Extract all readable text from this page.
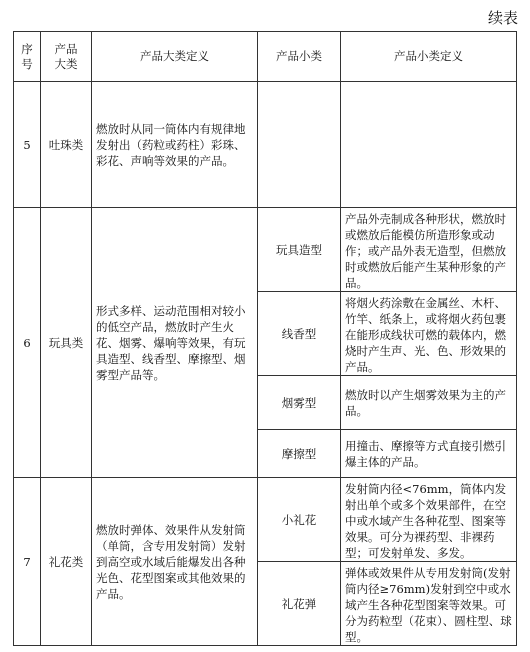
续表
序号	产品大类	产品大类定义	产品小类	产品小类定义
5	吐珠类	燃放时从同一筒体内有规律地发射出（药粒或药柱）彩珠、彩花、声响等效果的产品。		
6	玩具类	形式多样、运动范围相对较小的低空产品，燃放时产生火花、烟雾、爆响等效果，有玩具造型、线香型、摩擦型、烟雾型产品等。	玩具造型	产品外壳制成各种形状，燃放时或燃放后能模仿所造形象或动作；或产品外表无造型，但燃放时或燃放后能产生某种形象的产品。
			线香型	将烟火药涂敷在金属丝、木杆、竹竿、纸条上，或将烟火药包裹在能形成线状可燃的载体内，燃烧时产生声、光、色、形效果的产品。
			烟雾型	燃放时以产生烟雾效果为主的产品。
			摩擦型	用撞击、摩擦等方式直接引燃引爆主体的产品。
7	礼花类	燃放时弹体、效果件从发射筒（单筒，含专用发射筒）发射到高空或水域后能爆发出各种光色、花型图案或其他效果的产品。	小礼花	发射筒内径<76mm，筒体内发射出单个或多个效果部件，在空中或水域产生各种花型、图案等效果。可分为裸药型、非裸药型；可发射单发、多发。
			礼花弹	弹体或效果件从专用发射筒(发射筒内径≥76mm)发射到空中或水域产生各种花型图案等效果。可分为药粒型（花束）、圆柱型、球型。
